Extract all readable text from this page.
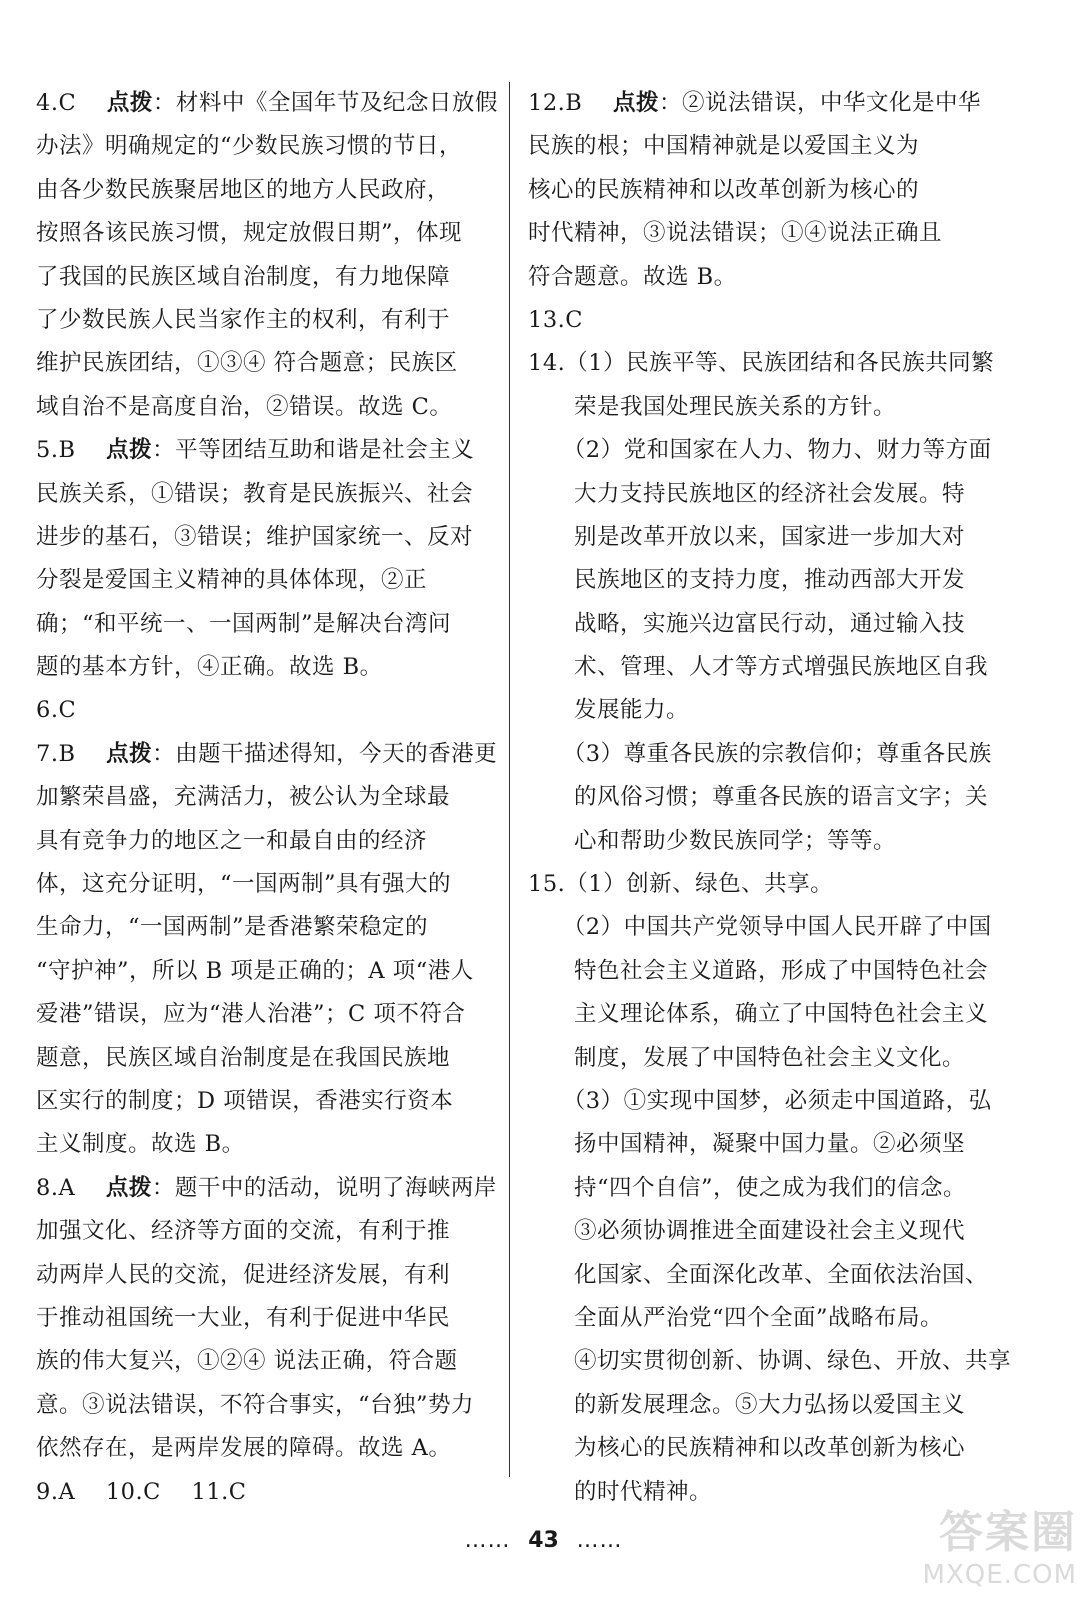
4.C　 点拨：材料中《全国年节及纪念日放假
办法》明确规定的“少数民族习惯的节日，
由各少数民族聚居地区的地方人民政府，
按照各该民族习惯，规定放假日期”，体现
了我国的民族区域自治制度，有力地保障
了少数民族人民当家作主的权利，有利于
维护民族团结，①③④ 符合题意；民族区
域自治不是高度自治，②错误。故选 C。
5.B　 点拨：平等团结互助和谐是社会主义
民族关系，①错误；教育是民族振兴、社会
进步的基石，③错误；维护国家统一、反对
分裂是爱国主义精神的具体体现，②正
确；“和平统一、一国两制”是解决台湾问
题的基本方针，④正确。故选 B。
6.C
7.B　 点拨：由题干描述得知，今天的香港更
加繁荣昌盛，充满活力，被公认为全球最
具有竞争力的地区之一和最自由的经济
体，这充分证明，“一国两制”具有强大的
生命力，“一国两制”是香港繁荣稳定的
“守护神”，所以 B 项是正确的；A 项“港人
爱港”错误，应为“港人治港”；C 项不符合
题意，民族区域自治制度是在我国民族地
区实行的制度；D 项错误，香港实行资本
主义制度。故选 B。
8.A　 点拨：题干中的活动，说明了海峡两岸
加强文化、经济等方面的交流，有利于推
动两岸人民的交流，促进经济发展，有利
于推动祖国统一大业，有利于促进中华民
族的伟大复兴，①②④ 说法正确，符合题
意。③说法错误，不符合事实，“台独”势力
依然存在，是两岸发展的障碍。故选 A。
9.A　 10.C　 11.C
12.B　 点拨：②说法错误，中华文化是中华
民族的根；中国精神就是以爱国主义为
核心的民族精神和以改革创新为核心的
时代精神，③说法错误；①④说法正确且
符合题意。故选 B。
13.C
14.（1）民族平等、民族团结和各民族共同繁
　　荣是我国处理民族关系的方针。
　　（2）党和国家在人力、物力、财力等方面
　　大力支持民族地区的经济社会发展。特
　　别是改革开放以来，国家进一步加大对
　　民族地区的支持力度，推动西部大开发
　　战略，实施兴边富民行动，通过输入技
　　术、管理、人才等方式增强民族地区自我
　　发展能力。
　　（3）尊重各民族的宗教信仰；尊重各民族
　　的风俗习惯；尊重各民族的语言文字；关
　　心和帮助少数民族同学；等等。
15.（1）创新、绿色、共享。
　　（2）中国共产党领导中国人民开辟了中国
　　特色社会主义道路，形成了中国特色社会
　　主义理论体系，确立了中国特色社会主义
　　制度，发展了中国特色社会主义文化。
　　（3）①实现中国梦，必须走中国道路，弘
　　扬中国精神，凝聚中国力量。②必须坚
　　持“四个自信”，使之成为我们的信念。
　　③必须协调推进全面建设社会主义现代
　　化国家、全面深化改革、全面依法治国、
　　全面从严治党“四个全面”战略布局。
　　④切实贯彻创新、协调、绿色、开放、共享
　　的新发展理念。⑤大力弘扬以爱国主义
　　为核心的民族精神和以改革创新为核心
　　的时代精神。
…… 43 ……	答案圈
MXQE.COM
